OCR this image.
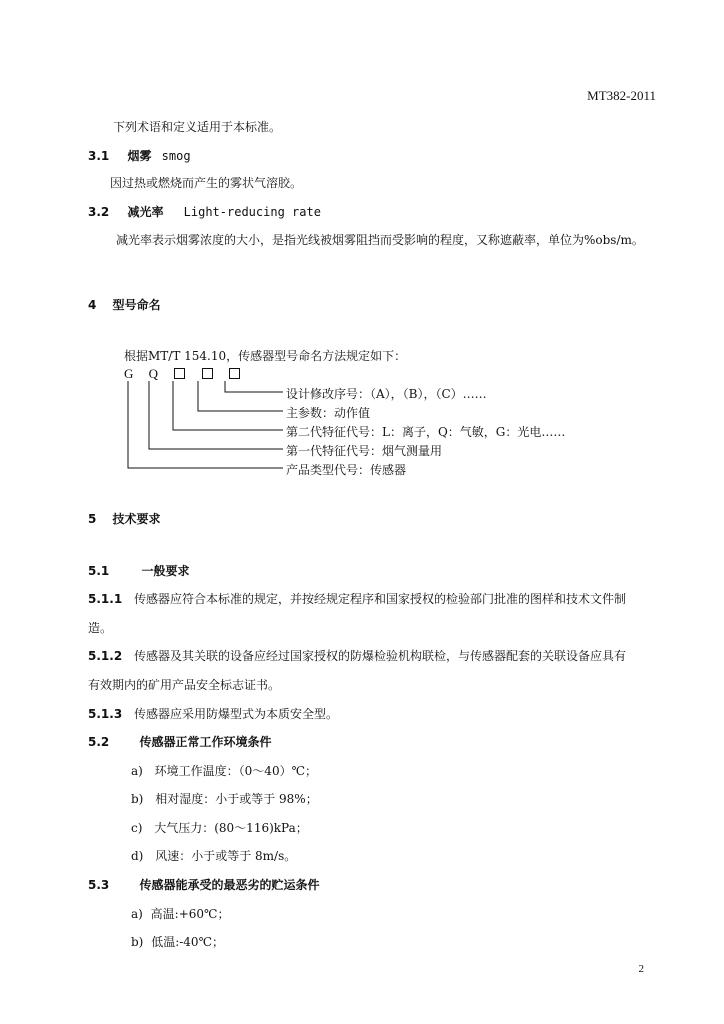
MT382-2011
下列术语和定义适用于本标准。
3.1 烟雾 smog
因过热或燃烧而产生的雾状气溶胶。
3.2 减光率 Light-reducing rate
减光率表示烟雾浓度的大小，是指光线被烟雾阻挡而受影响的程度，又称遮蔽率，单位为%obs/m。
4 型号命名
根据MT/T 154.10，传感器型号命名方法规定如下：
G Q
设计修改序号：（A），（B），（C）……
主参数：动作值
第二代特征代号：L：离子，Q：气敏，G：光电……
第一代特征代号：烟气测量用
产品类型代号：传感器
5 技术要求
5.1	一般要求
5.1.1 传感器应符合本标准的规定，并按经规定程序和国家授权的检验部门批准的图样和技术文件制
造。
5.1.2 传感器及其关联的设备应经过国家授权的防爆检验机构联检，与传感器配套的关联设备应具有
有效期内的矿用产品安全标志证书。
5.1.3 传感器应采用防爆型式为本质安全型。
5.2	传感器正常工作环境条件
a) 环境工作温度：（0～40）℃；
b) 相对湿度：小于或等于 98%；
c) 大气压力：(80～116)kPa；
d) 风速：小于或等于 8m/s。
5.3	传感器能承受的最恶劣的贮运条件
a) 高温:+60℃；
b) 低温:-40℃；
2
